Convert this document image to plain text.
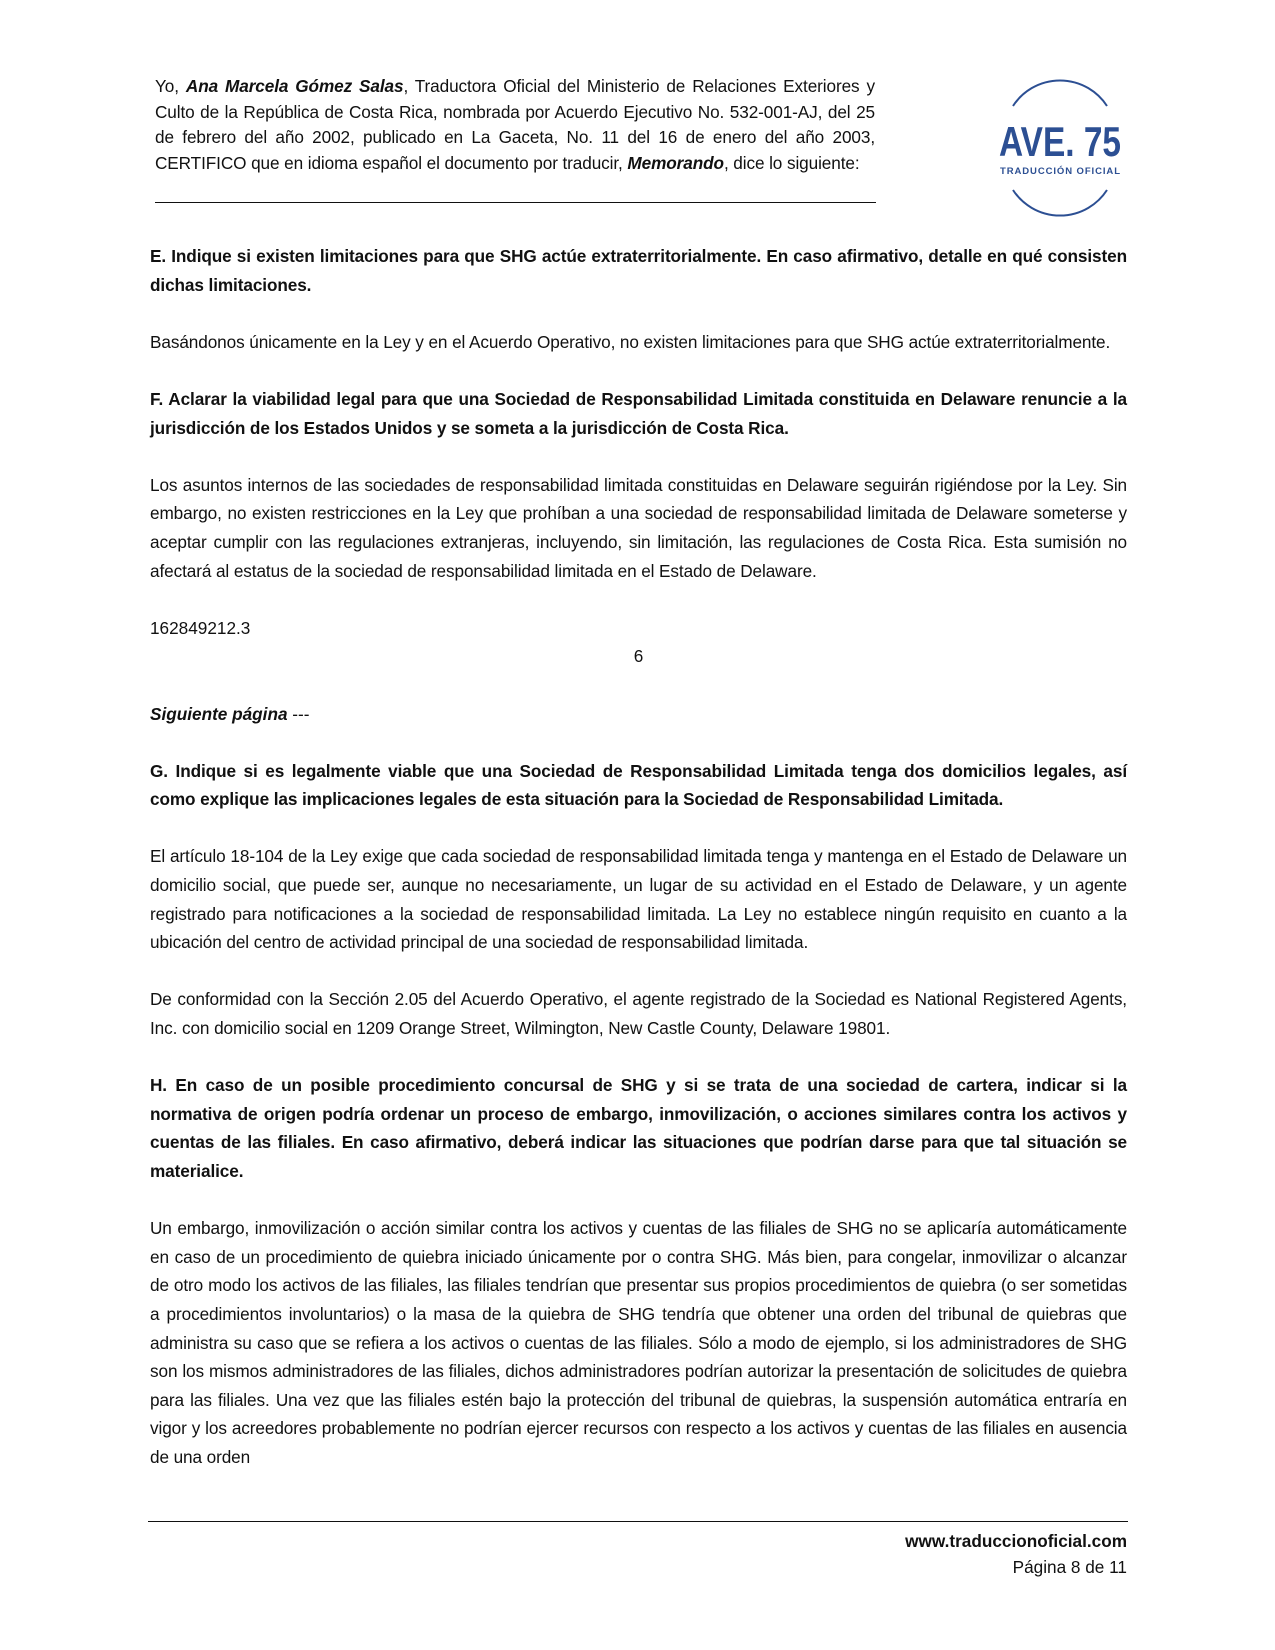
Yo, Ana Marcela Gómez Salas, Traductora Oficial del Ministerio de Relaciones Exteriores y Culto de la República de Costa Rica, nombrada por Acuerdo Ejecutivo No. 532-001-AJ, del 25 de febrero del año 2002, publicado en La Gaceta, No. 11 del 16 de enero del año 2003, CERTIFICO que en idioma español el documento por traducir, Memorando, dice lo siguiente:	AVE. 75
TRADUCCIÓN OFICIAL

E. Indique si existen limitaciones para que SHG actúe extraterritorialmente. En caso afirmativo, detalle en qué consisten dichas limitaciones.

Basándonos únicamente en la Ley y en el Acuerdo Operativo, no existen limitaciones para que SHG actúe extraterritorialmente.

F. Aclarar la viabilidad legal para que una Sociedad de Responsabilidad Limitada constituida en Delaware renuncie a la jurisdicción de los Estados Unidos y se someta a la jurisdicción de Costa Rica.

Los asuntos internos de las sociedades de responsabilidad limitada constituidas en Delaware seguirán rigiéndose por la Ley. Sin embargo, no existen restricciones en la Ley que prohíban a una sociedad de responsabilidad limitada de Delaware someterse y aceptar cumplir con las regulaciones extranjeras, incluyendo, sin limitación, las regulaciones de Costa Rica. Esta sumisión no afectará al estatus de la sociedad de responsabilidad limitada en el Estado de Delaware.

162849212.3

6

Siguiente página ---

G. Indique si es legalmente viable que una Sociedad de Responsabilidad Limitada tenga dos domicilios legales, así como explique las implicaciones legales de esta situación para la Sociedad de Responsabilidad Limitada.

El artículo 18-104 de la Ley exige que cada sociedad de responsabilidad limitada tenga y mantenga en el Estado de Delaware un domicilio social, que puede ser, aunque no necesariamente, un lugar de su actividad en el Estado de Delaware, y un agente registrado para notificaciones a la sociedad de responsabilidad limitada. La Ley no establece ningún requisito en cuanto a la ubicación del centro de actividad principal de una sociedad de responsabilidad limitada.

De conformidad con la Sección 2.05 del Acuerdo Operativo, el agente registrado de la Sociedad es National Registered Agents, Inc. con domicilio social en 1209 Orange Street, Wilmington, New Castle County, Delaware 19801.

H. En caso de un posible procedimiento concursal de SHG y si se trata de una sociedad de cartera, indicar si la normativa de origen podría ordenar un proceso de embargo, inmovilización, o acciones similares contra los activos y cuentas de las filiales. En caso afirmativo, deberá indicar las situaciones que podrían darse para que tal situación se materialice.

Un embargo, inmovilización o acción similar contra los activos y cuentas de las filiales de SHG no se aplicaría automáticamente en caso de un procedimiento de quiebra iniciado únicamente por o contra SHG. Más bien, para congelar, inmovilizar o alcanzar de otro modo los activos de las filiales, las filiales tendrían que presentar sus propios procedimientos de quiebra (o ser sometidas a procedimientos involuntarios) o la masa de la quiebra de SHG tendría que obtener una orden del tribunal de quiebras que administra su caso que se refiera a los activos o cuentas de las filiales. Sólo a modo de ejemplo, si los administradores de SHG son los mismos administradores de las filiales, dichos administradores podrían autorizar la presentación de solicitudes de quiebra para las filiales. Una vez que las filiales estén bajo la protección del tribunal de quiebras, la suspensión automática entraría en vigor y los acreedores probablemente no podrían ejercer recursos con respecto a los activos y cuentas de las filiales en ausencia de una orden

www.traduccionoficial.com
Página 8 de 11
